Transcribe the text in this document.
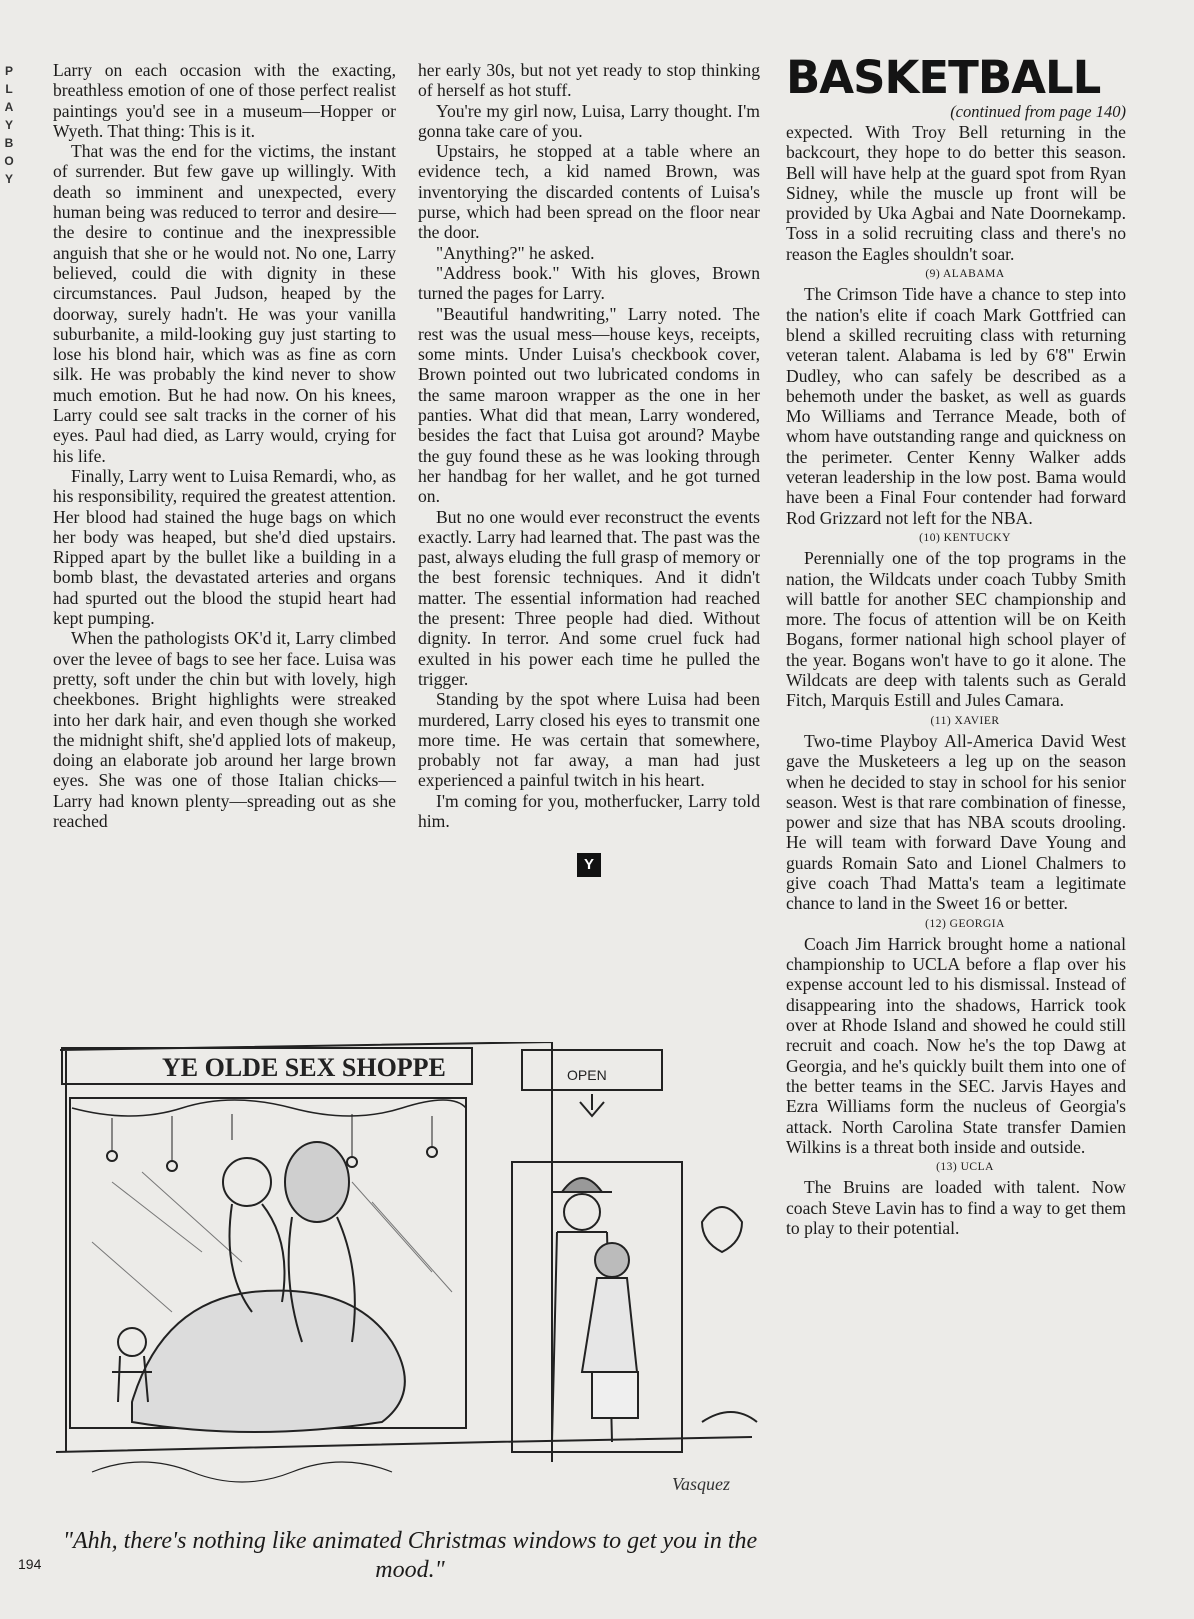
P
L
A
Y
B
O
Y

Larry on each occasion with the exacting, breathless emotion of one of those perfect realist paintings you'd see in a museum—Hopper or Wyeth. That thing: This is it.

That was the end for the victims, the instant of surrender. But few gave up willingly. With death so imminent and unexpected, every human being was reduced to terror and desire—the desire to continue and the inexpressible anguish that she or he would not. No one, Larry believed, could die with dignity in these circumstances. Paul Judson, heaped by the doorway, surely hadn't. He was your vanilla suburbanite, a mild-looking guy just starting to lose his blond hair, which was as fine as corn silk. He was probably the kind never to show much emotion. But he had now. On his knees, Larry could see salt tracks in the corner of his eyes. Paul had died, as Larry would, crying for his life.

Finally, Larry went to Luisa Remardi, who, as his responsibility, required the greatest attention. Her blood had stained the huge bags on which her body was heaped, but she'd died upstairs. Ripped apart by the bullet like a building in a bomb blast, the devastated arteries and organs had spurted out the blood the stupid heart had kept pumping.

When the pathologists OK'd it, Larry climbed over the levee of bags to see her face. Luisa was pretty, soft under the chin but with lovely, high cheekbones. Bright highlights were streaked into her dark hair, and even though she worked the midnight shift, she'd applied lots of makeup, doing an elaborate job around her large brown eyes. She was one of those Italian chicks—Larry had known plenty—spreading out as she reached

her early 30s, but not yet ready to stop thinking of herself as hot stuff.

You're my girl now, Luisa, Larry thought. I'm gonna take care of you.

Upstairs, he stopped at a table where an evidence tech, a kid named Brown, was inventorying the discarded contents of Luisa's purse, which had been spread on the floor near the door.

"Anything?" he asked.

"Address book." With his gloves, Brown turned the pages for Larry.

"Beautiful handwriting," Larry noted. The rest was the usual mess—house keys, receipts, some mints. Under Luisa's checkbook cover, Brown pointed out two lubricated condoms in the same maroon wrapper as the one in her panties. What did that mean, Larry wondered, besides the fact that Luisa got around? Maybe the guy found these as he was looking through her handbag for her wallet, and he got turned on.

But no one would ever reconstruct the events exactly. Larry had learned that. The past was the past, always eluding the full grasp of memory or the best forensic techniques. And it didn't matter. The essential information had reached the present: Three people had died. Without dignity. In terror. And some cruel fuck had exulted in his power each time he pulled the trigger.

Standing by the spot where Luisa had been murdered, Larry closed his eyes to transmit one more time. He was certain that somewhere, probably not far away, a man had just experienced a painful twitch in his heart.

I'm coming for you, motherfucker, Larry told him.

Y
BASKETBALL

(continued from page 140)

expected. With Troy Bell returning in the backcourt, they hope to do better this season. Bell will have help at the guard spot from Ryan Sidney, while the muscle up front will be provided by Uka Agbai and Nate Doornekamp. Toss in a solid recruiting class and there's no reason the Eagles shouldn't soar.

(9) ALABAMA

The Crimson Tide have a chance to step into the nation's elite if coach Mark Gottfried can blend a skilled recruiting class with returning veteran talent. Alabama is led by 6'8" Erwin Dudley, who can safely be described as a behemoth under the basket, as well as guards Mo Williams and Terrance Meade, both of whom have outstanding range and quickness on the perimeter. Center Kenny Walker adds veteran leadership in the low post. Bama would have been a Final Four contender had forward Rod Grizzard not left for the NBA.

(10) KENTUCKY

Perennially one of the top programs in the nation, the Wildcats under coach Tubby Smith will battle for another SEC championship and more. The focus of attention will be on Keith Bogans, former national high school player of the year. Bogans won't have to go it alone. The Wildcats are deep with talents such as Gerald Fitch, Marquis Estill and Jules Camara.

(11) XAVIER

Two-time Playboy All-America David West gave the Musketeers a leg up on the season when he decided to stay in school for his senior season. West is that rare combination of finesse, power and size that has NBA scouts drooling. He will team with forward Dave Young and guards Romain Sato and Lionel Chalmers to give coach Thad Matta's team a legitimate chance to land in the Sweet 16 or better.

(12) GEORGIA

Coach Jim Harrick brought home a national championship to UCLA before a flap over his expense account led to his dismissal. Instead of disappearing into the shadows, Harrick took over at Rhode Island and showed he could still recruit and coach. Now he's the top Dawg at Georgia, and he's quickly built them into one of the better teams in the SEC. Jarvis Hayes and Ezra Williams form the nucleus of Georgia's attack. North Carolina State transfer Damien Wilkins is a threat both inside and outside.

(13) UCLA

The Bruins are loaded with talent. Now coach Steve Lavin has to find a way to get them to play to their potential.

YE OLDE SEX SHOPPE	OPEN
Vasquez
"Ahh, there's nothing like animated Christmas windows to get you in the mood."
194
